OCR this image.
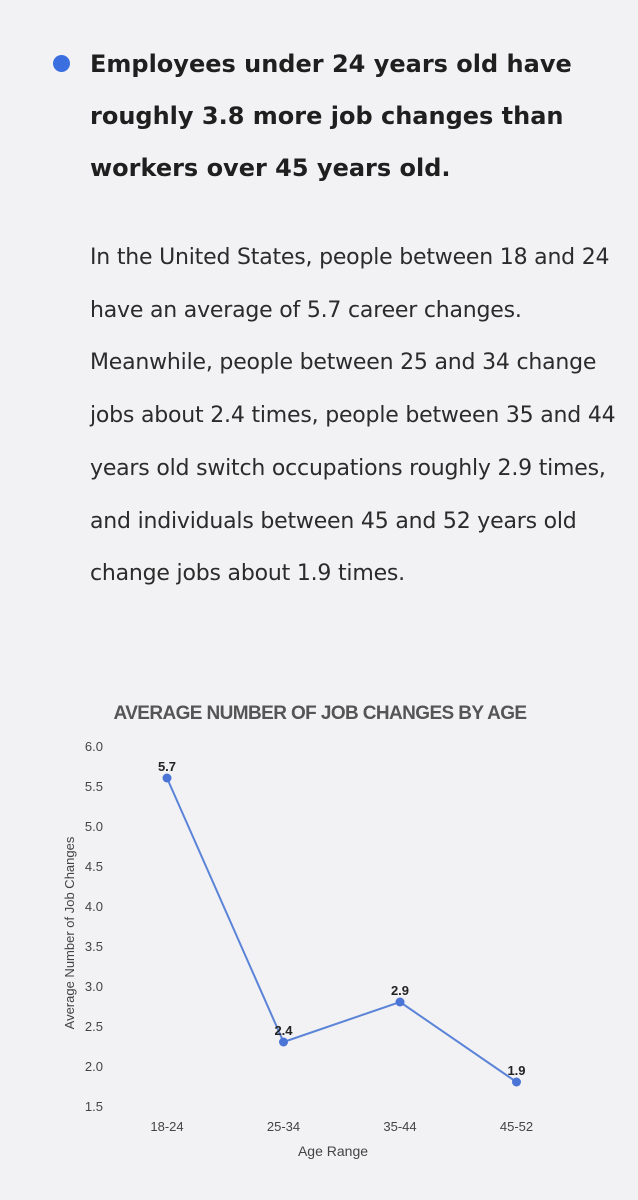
Employees under 24 years old have roughly 3.8 more job changes than workers over 45 years old.

In the United States, people between 18 and 24 have an average of 5.7 career changes. Meanwhile, people between 25 and 34 change jobs about 2.4 times, people between 35 and 44 years old switch occupations roughly 2.9 times, and individuals between 45 and 52 years old change jobs about 1.9 times.

AVERAGE NUMBER OF JOB CHANGES BY AGE
Average Number of Job Changes
Age Range
1.5
2.0
2.5
3.0
3.5
4.0
4.5
5.0
5.5
6.0
18-24	25-34	35-44	45-52
5.7
2.4
2.9
1.9
